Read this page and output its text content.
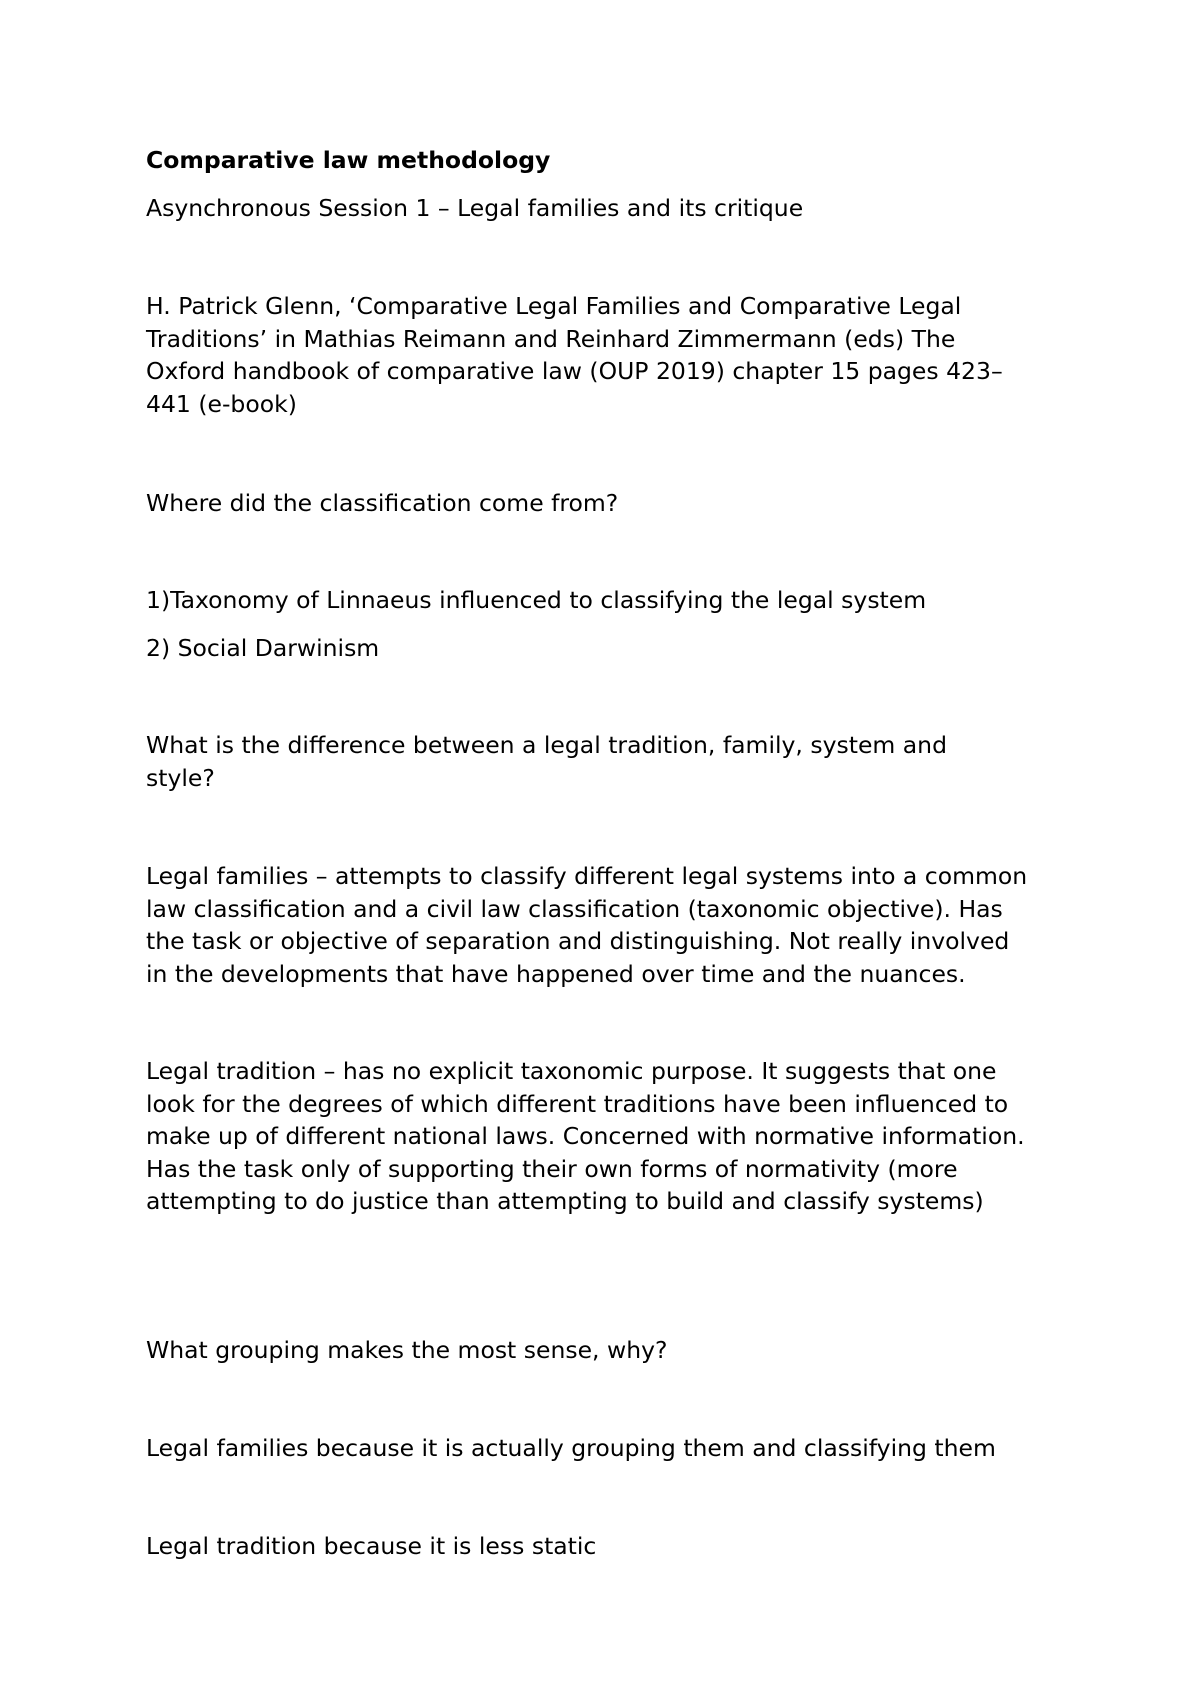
Comparative law methodology

Asynchronous Session 1 – Legal families and its critique

H. Patrick Glenn, ‘Comparative Legal Families and Comparative Legal
Traditions’ in Mathias Reimann and Reinhard Zimmermann (eds) The
Oxford handbook of comparative law (OUP 2019) chapter 15 pages 423–
441 (e-book)

Where did the classification come from?

1)Taxonomy of Linnaeus influenced to classifying the legal system

2) Social Darwinism

What is the difference between a legal tradition, family, system and
style?

Legal families – attempts to classify different legal systems into a common
law classification and a civil law classification (taxonomic objective). Has
the task or objective of separation and distinguishing. Not really involved
in the developments that have happened over time and the nuances.

Legal tradition – has no explicit taxonomic purpose. It suggests that one
look for the degrees of which different traditions have been influenced to
make up of different national laws. Concerned with normative information.
Has the task only of supporting their own forms of normativity (more
attempting to do justice than attempting to build and classify systems)

What grouping makes the most sense, why?

Legal families because it is actually grouping them and classifying them

Legal tradition because it is less static
